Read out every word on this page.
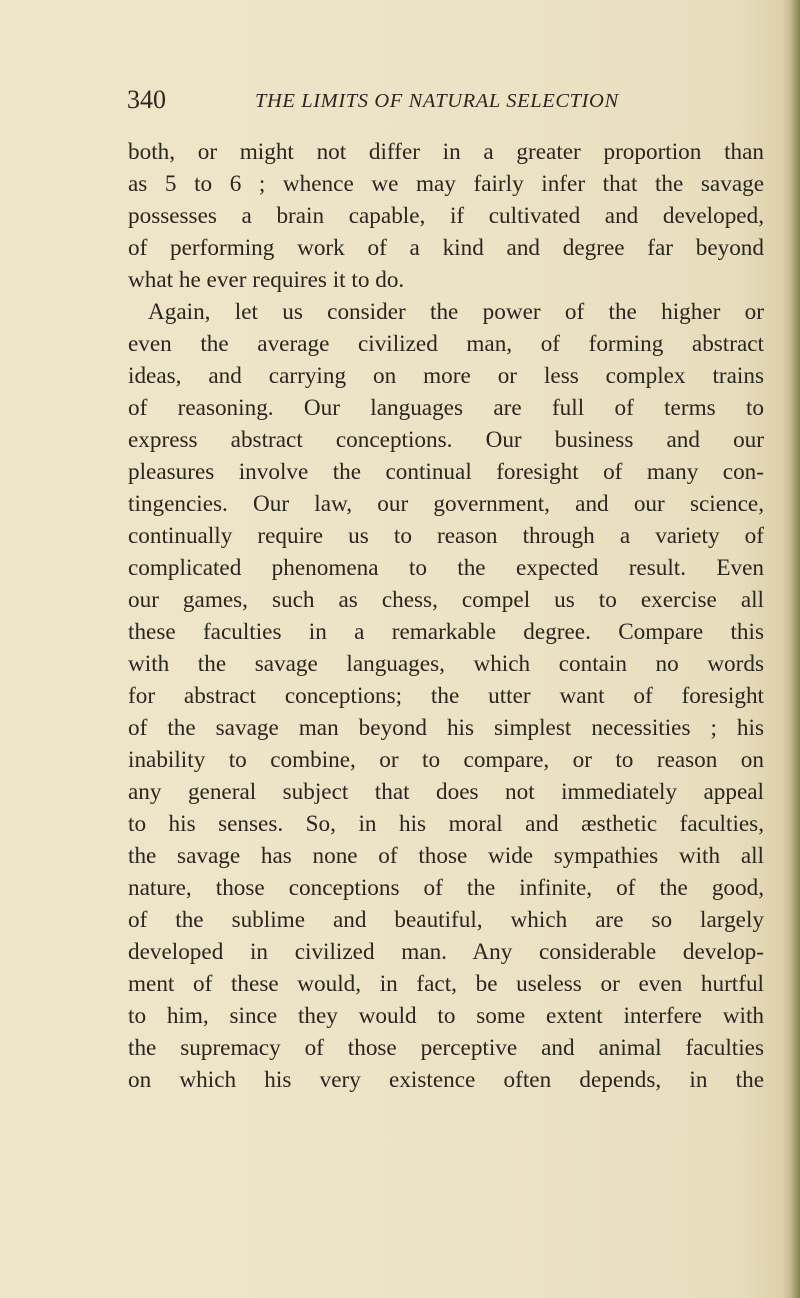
340	THE LIMITS OF NATURAL SELECTION
both, or might not differ in a greater proportion than
as 5 to 6 ; whence we may fairly infer that the savage
possesses a brain capable, if cultivated and developed,
of performing work of a kind and degree far beyond
what he ever requires it to do.
Again, let us consider the power of the higher or
even the average civilized man, of forming abstract
ideas, and carrying on more or less complex trains
of reasoning. Our languages are full of terms to
express abstract conceptions. Our business and our
pleasures involve the continual foresight of many con-
tingencies. Our law, our government, and our science,
continually require us to reason through a variety of
complicated phenomena to the expected result. Even
our games, such as chess, compel us to exercise all
these faculties in a remarkable degree. Compare this
with the savage languages, which contain no words
for abstract conceptions; the utter want of foresight
of the savage man beyond his simplest necessities ; his
inability to combine, or to compare, or to reason on
any general subject that does not immediately appeal
to his senses. So, in his moral and æsthetic faculties,
the savage has none of those wide sympathies with all
nature, those conceptions of the infinite, of the good,
of the sublime and beautiful, which are so largely
developed in civilized man. Any considerable develop-
ment of these would, in fact, be useless or even hurtful
to him, since they would to some extent interfere with
the supremacy of those perceptive and animal faculties
on which his very existence often depends, in the
